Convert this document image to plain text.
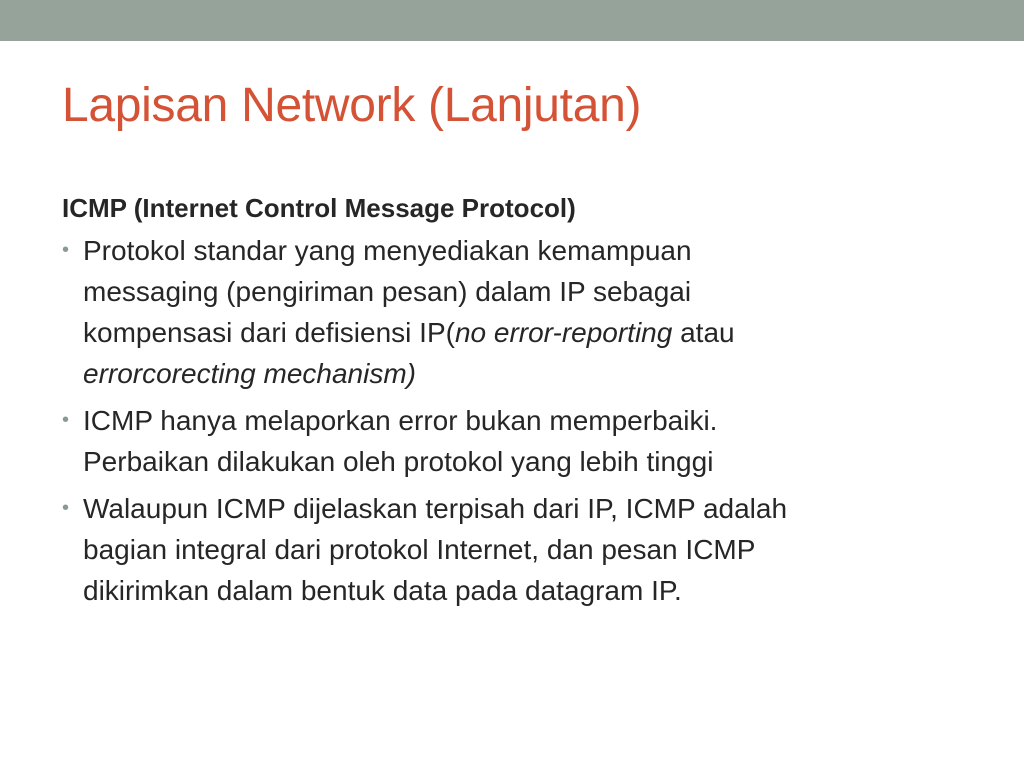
Lapisan Network (Lanjutan)
ICMP (Internet Control Message Protocol)
• Protokol standar yang menyediakan kemampuan
messaging (pengiriman pesan) dalam IP sebagai
kompensasi dari defisiensi IP(no error-reporting atau
errorcorecting mechanism)
• ICMP hanya melaporkan error bukan memperbaiki.
Perbaikan dilakukan oleh protokol yang lebih tinggi
• Walaupun ICMP dijelaskan terpisah dari IP, ICMP adalah
bagian integral dari protokol Internet, dan pesan ICMP
dikirimkan dalam bentuk data pada datagram IP.
